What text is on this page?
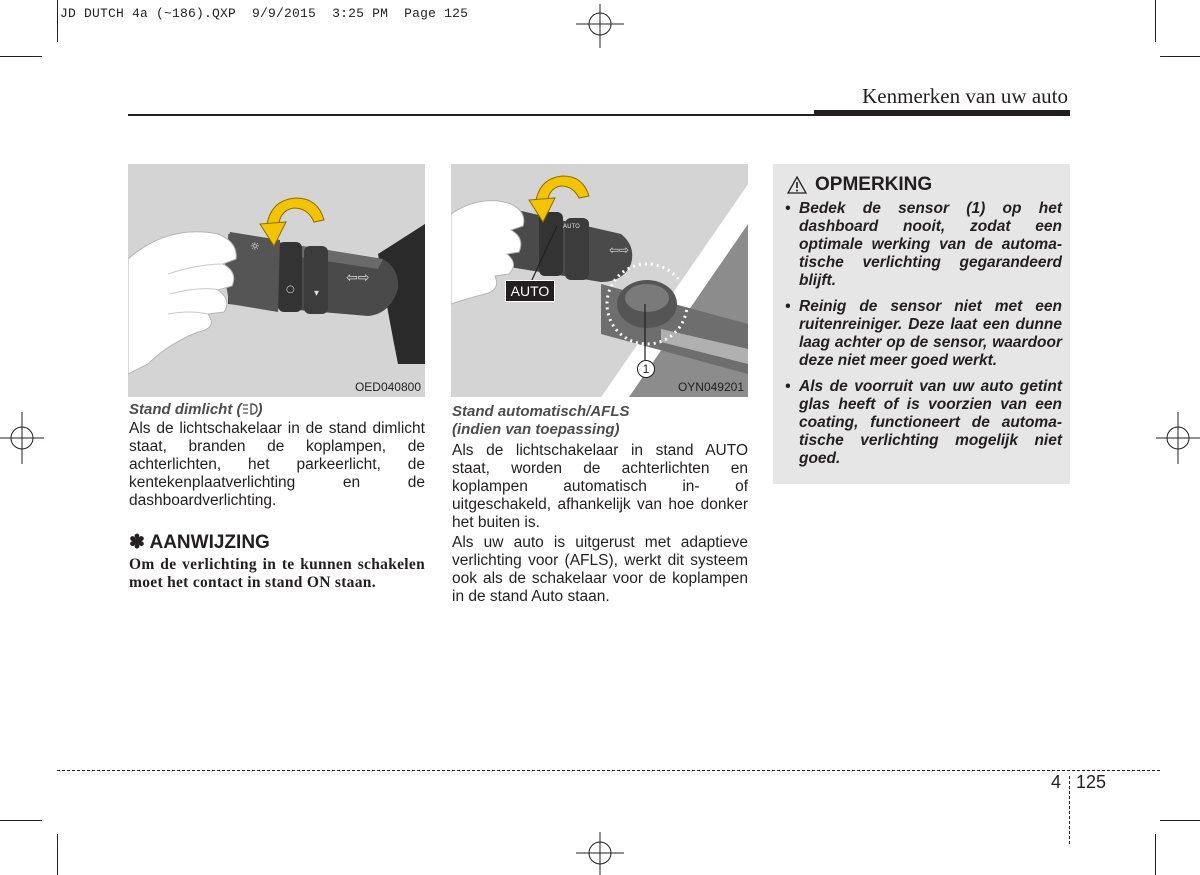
JD DUTCH 4a (~186).QXP 9/9/2015 3:25 PM Page 125
Kenmerken van uw auto
○ ▾
⇦⇨
☼
OED040800
Stand dimlicht ( )
Als de lichtschakelaar in de stand dimlicht staat, branden de koplampen, de achterlichten, het parkeerlicht, de kentekenplaatverlichting en de dashboardverlichting.
✽ AANWIJZING
Om de verlichting in te kunnen schakelen moet het contact in stand ON staan.
AUTO
⇦⇨
AUTO
1
OYN049201
Stand automatisch/AFLS
(indien van toepassing)
Als de lichtschakelaar in stand AUTO staat, worden de achterlichten en koplampen automatisch in- of uitgeschakeld, afhankelijk van hoe donker het buiten is.
Als uw auto is uitgerust met adaptieve verlichting voor (AFLS), werkt dit systeem ook als de schakelaar voor de koplampen in de stand Auto staan.
OPMERKING
• Bedek de sensor (1) op het dashboard nooit, zodat een optimale werking van de automa-tische verlichting gegarandeerd blijft.
• Reinig de sensor niet met een ruitenreiniger. Deze laat een dunne laag achter op de sensor, waardoor deze niet meer goed werkt.
• Als de voorruit van uw auto getint glas heeft of is voorzien van een coating, functioneert de automa-tische verlichting mogelijk niet goed.
4 125
